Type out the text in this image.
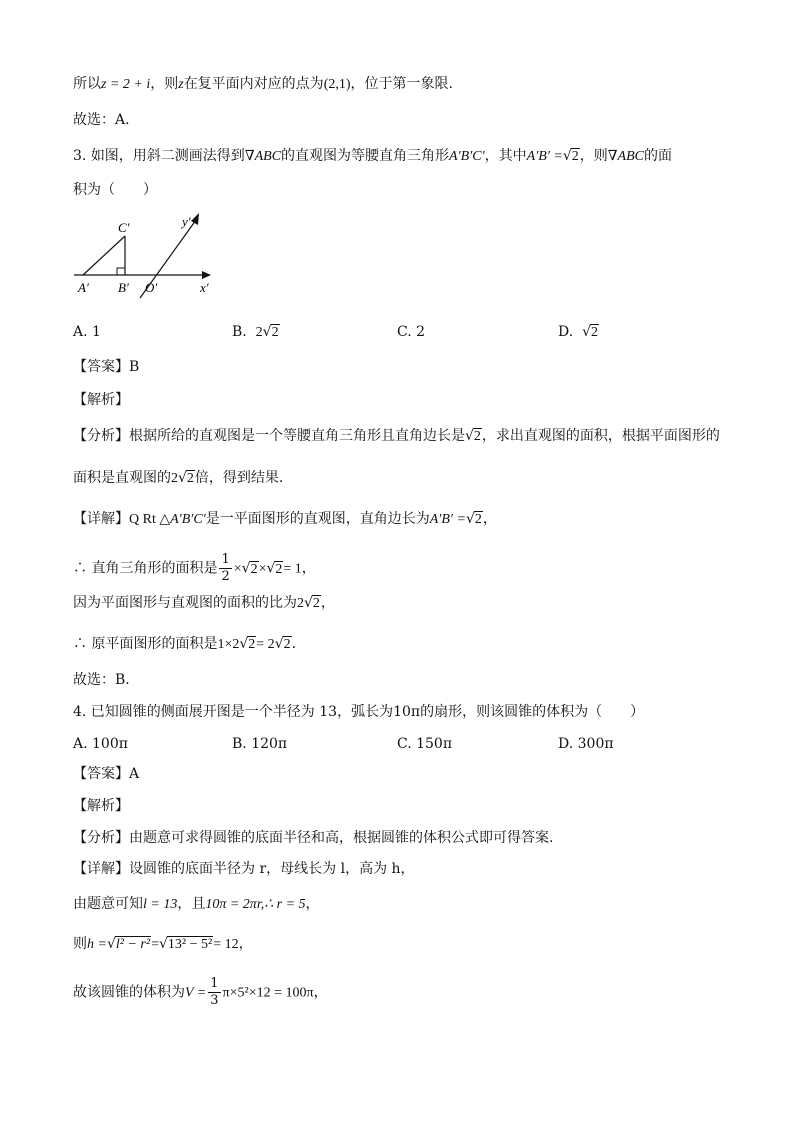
所以z = 2 + i，则z在复平面内对应的点为(2,1)，位于第一象限.
故选：A.
3. 如图，用斜二测画法得到∇ABC的直观图为等腰直角三角形A′B′C′，其中A′B′ =√2，则∇ABC的面
积为（　　）
C′	y′
A′ B′ O′	x′
A. 1	B. 2√2	C. 2	D. √2
【答案】B
【解析】
【分析】根据所给的直观图是一个等腰直角三角形且直角边长是√2，求出直观图的面积，根据平面图形的
面积是直观图的2√2倍，得到结果.
【详解】Q Rt △A′B′C′是一平面图形的直观图，直角边长为A′B′ =√2，
∴ 直角三角形的面积是 $\frac{1}{2} \times√2\times√2= 1$，
因为平面图形与直观图的面积的比为2√2，
∴ 原平面图形的面积是1×2√2= 2√2.
故选：B.
4. 已知圆锥的侧面展开图是一个半径为 13，弧长为10π的扇形，则该圆锥的体积为（　　）
A. 100π	B. 120π	C. 150π	D. 300π
【答案】A
【解析】
【分析】由题意可求得圆锥的底面半径和高，根据圆锥的体积公式即可得答案.
【详解】设圆锥的底面半径为 r，母线长为 l，高为 h，
由题意可知l = 13，且10π = 2πr,∴ r = 5，
则h =√l² − r²=√13² − 5²= 12，
故该圆锥的体积为$V = \frac{1}{3} \pi\times 5^2\times 12 = 100\pi$，
